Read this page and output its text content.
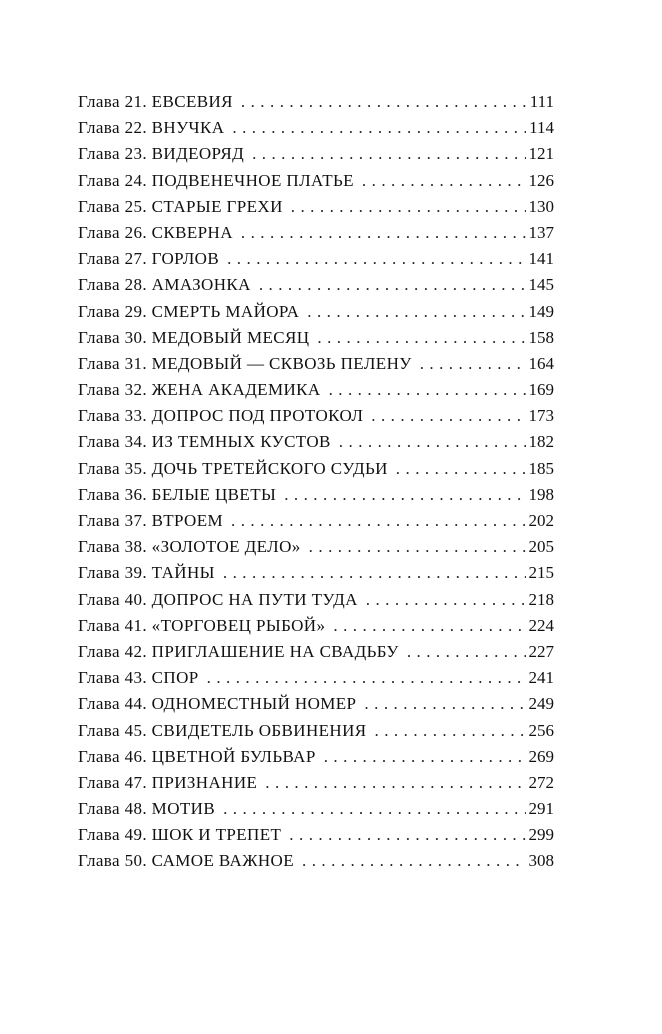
Глава 21. ЕВСЕВИЯ . . .	111
Глава 22. ВНУЧКА . . .	114
Глава 23. ВИДЕОРЯД . . .	121
Глава 24. ПОДВЕНЕЧНОЕ ПЛАТЬЕ . . .	126
Глава 25. СТАРЫЕ ГРЕХИ . . .	130
Глава 26. СКВЕРНА . . .	137
Глава 27. ГОРЛОВ . . .	141
Глава 28. АМАЗОНКА . . .	145
Глава 29. СМЕРТЬ МАЙОРА . . .	149
Глава 30. МЕДОВЫЙ МЕСЯЦ . . .	158
Глава 31. МЕДОВЫЙ — СКВОЗЬ ПЕЛЕНУ . . .	164
Глава 32. ЖЕНА АКАДЕМИКА . . .	169
Глава 33. ДОПРОС ПОД ПРОТОКОЛ . . .	173
Глава 34. ИЗ ТЕМНЫХ КУСТОВ . . .	182
Глава 35. ДОЧЬ ТРЕТЕЙСКОГО СУДЬИ . . .	185
Глава 36. БЕЛЫЕ ЦВЕТЫ . . .	198
Глава 37. ВТРОЕМ . . .	202
Глава 38. «ЗОЛОТОЕ ДЕЛО» . . .	205
Глава 39. ТАЙНЫ . . .	215
Глава 40. ДОПРОС НА ПУТИ ТУДА . . .	218
Глава 41. «ТОРГОВЕЦ РЫБОЙ» . . .	224
Глава 42. ПРИГЛАШЕНИЕ НА СВАДЬБУ . . .	227
Глава 43. СПОР . . .	241
Глава 44. ОДНОМЕСТНЫЙ НОМЕР . . .	249
Глава 45. СВИДЕТЕЛЬ ОБВИНЕНИЯ . . .	256
Глава 46. ЦВЕТНОЙ БУЛЬВАР . . .	269
Глава 47. ПРИЗНАНИЕ . . .	272
Глава 48. МОТИВ . . .	291
Глава 49. ШОК И ТРЕПЕТ . . .	299
Глава 50. САМОЕ ВАЖНОЕ . . .	308
